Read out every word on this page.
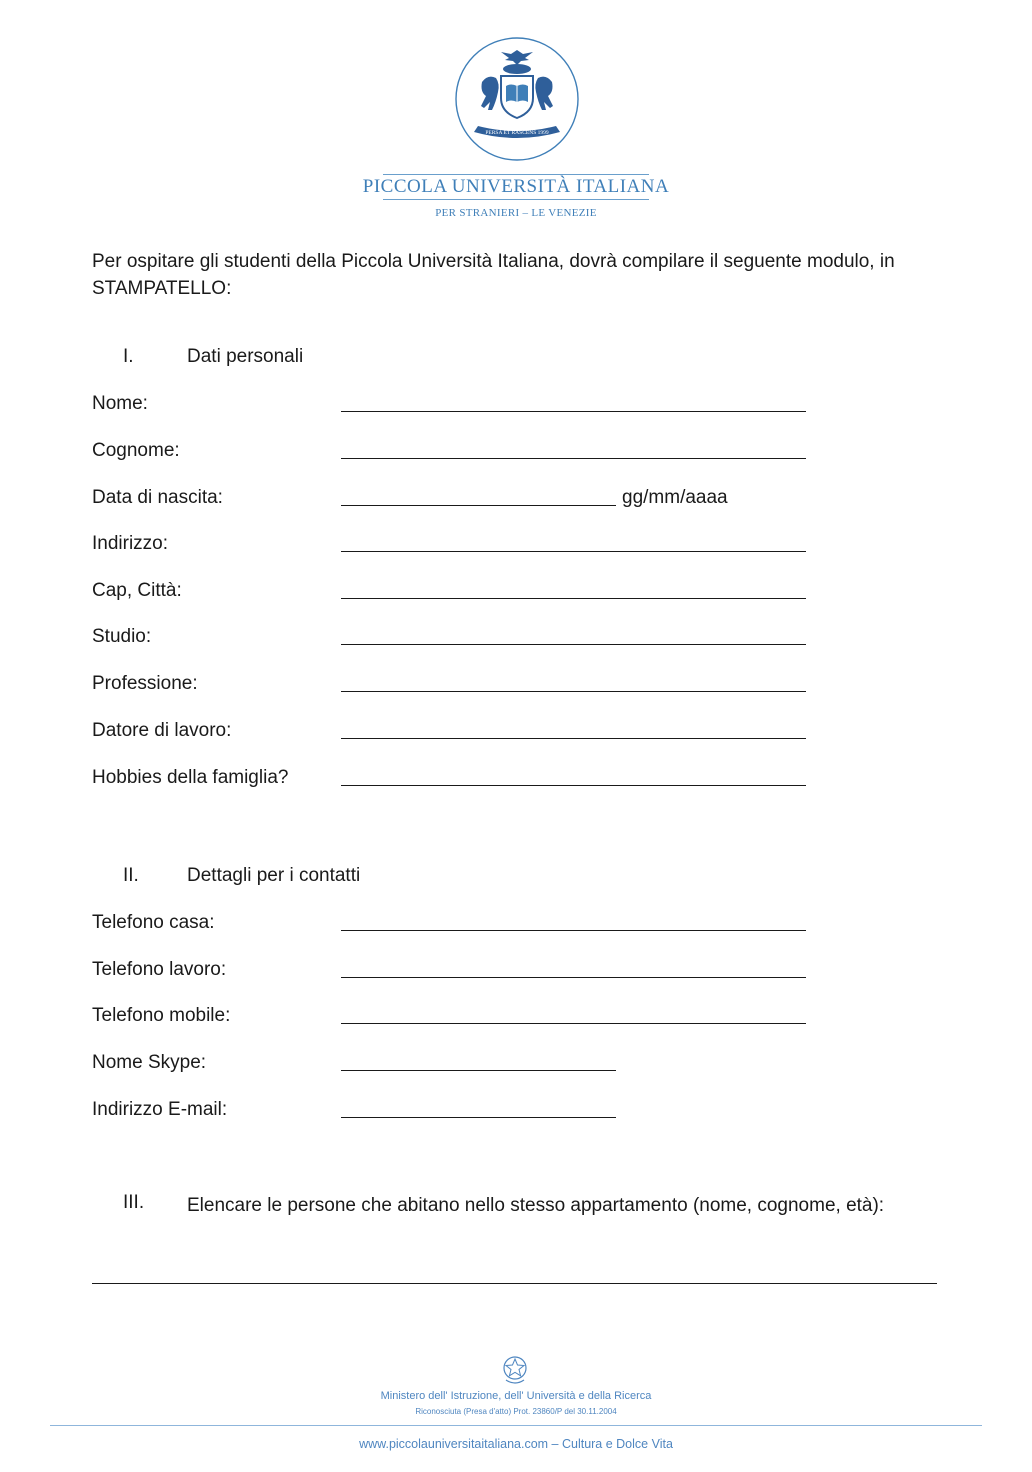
PERSA ET RASCENS 1999
PICCOLA UNIVERSITÀ ITALIANA
PER STRANIERI – LE VENEZIE
Per ospitare gli studenti della Piccola Università Italiana, dovrà compilare il seguente modulo, in STAMPATELLO:
I.	Dati personali
Nome:
Cognome:
Data di nascita:	gg/mm/aaaa
Indirizzo:
Cap, Città:
Studio:
Professione:
Datore di lavoro:
Hobbies della famiglia?
II.	Dettagli per i contatti
Telefono casa:
Telefono lavoro:
Telefono mobile:
Nome Skype:
Indirizzo E-mail:
III. Elencare le persone che abitano nello stesso appartamento (nome, cognome, età):
Ministero dell' Istruzione, dell' Università e della Ricerca
Riconosciuta (Presa d'atto) Prot. 23860/P del 30.11.2004
www.piccolauniversitaitaliana.com – Cultura e Dolce Vita
